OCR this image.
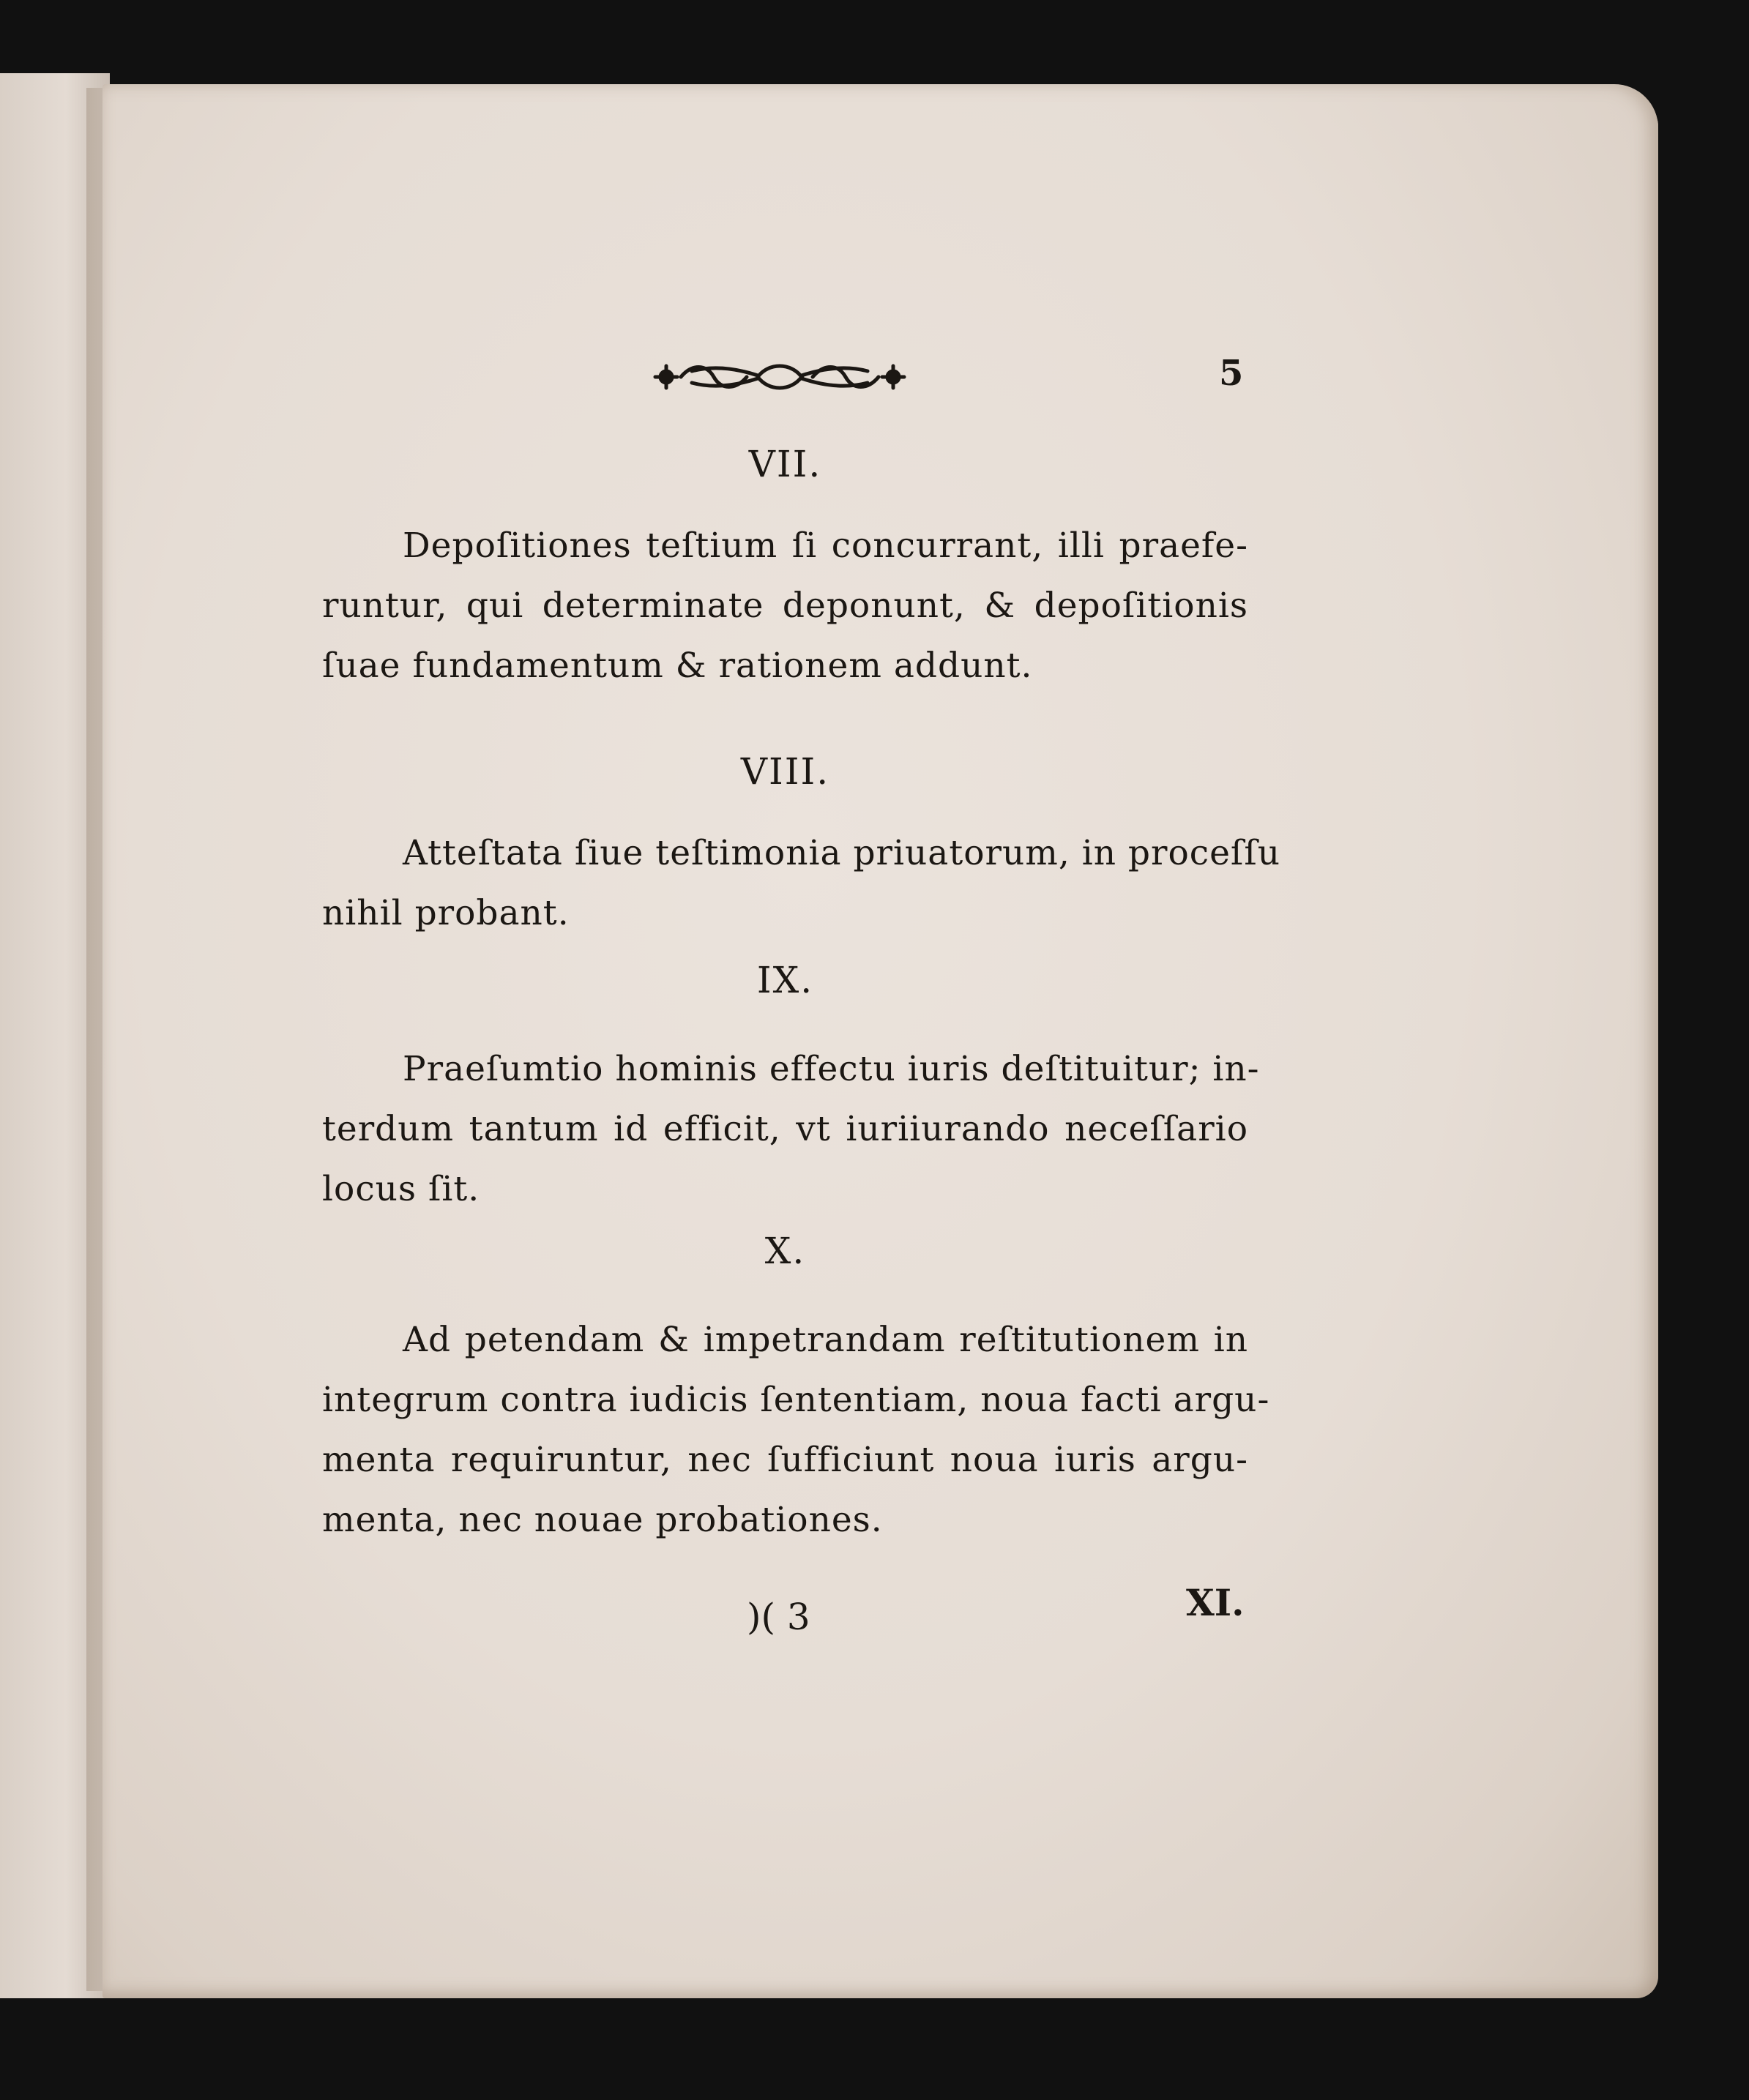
5
VII.
Depoſitiones teſtium ſi concurrant, illi praefe-
runtur, qui determinate deponunt, & depoſitionis
ſuae fundamentum & rationem addunt.
VIII.
Atteſtata ſiue teſtimonia priuatorum, in proceſſu
nihil probant.
IX.
Praeſumtio hominis effectu iuris deſtituitur; in-
terdum tantum id efficit, vt iuriiurando neceſſario
locus ſit.
X.
Ad petendam & impetrandam reſtitutionem in
integrum contra iudicis ſententiam, noua facti argu-
menta requiruntur, nec ſufficiunt noua iuris argu-
menta, nec nouae probationes.
)( 3	XI.
